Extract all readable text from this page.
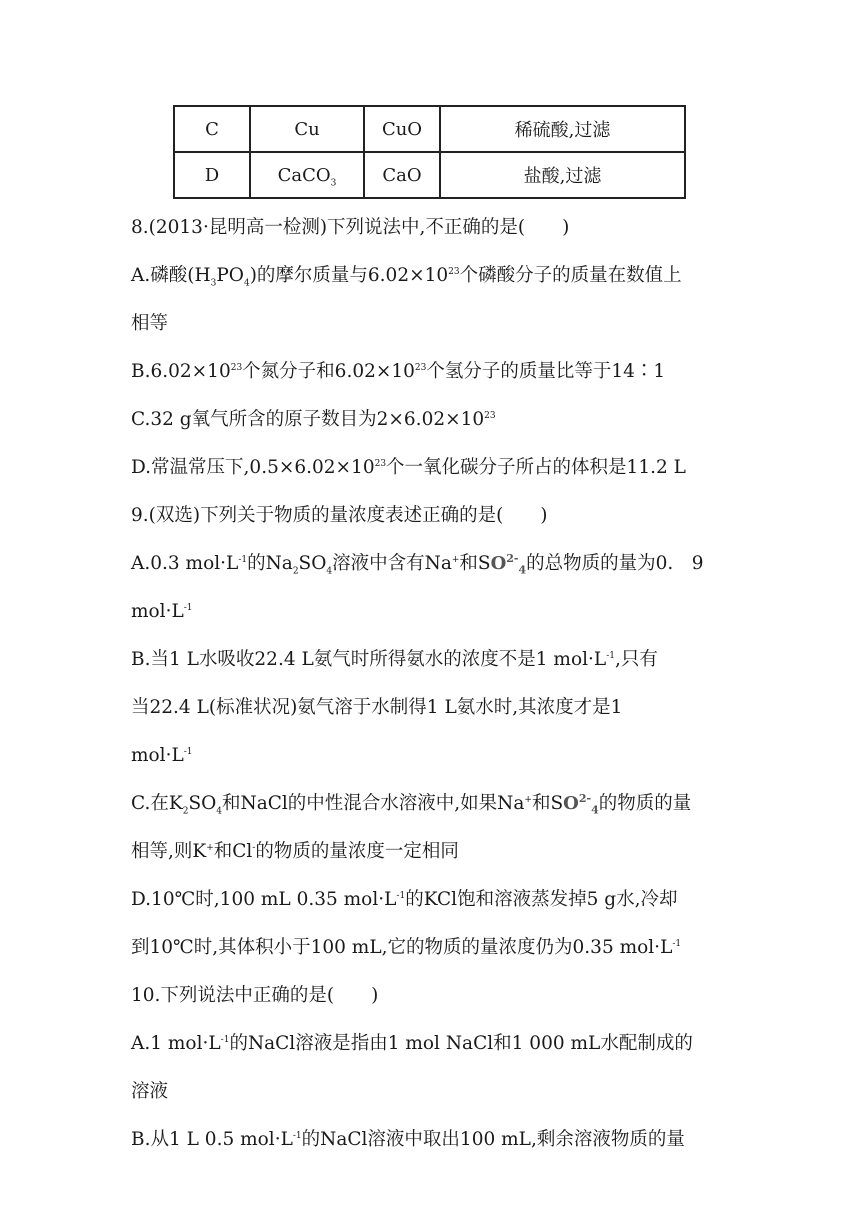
C	Cu	CuO	稀硫酸,过滤
D	CaCO$_3$	CaO	盐酸,过滤
8.(2013·昆明高一检测)下列说法中,不正确的是(　　)
A.磷酸$(H_3PO_4)$的摩尔质量与$6.02\times 10^{23}$个磷酸分子的质量在数值上
相等
$B.6.02\times 10^{23}$个氮分子和$6.02\times 10^{23}$个氢分子的质量比等于14∶1
C.32 g氧气所含的原子数目为$2\times 6.02\times 10^{23}$
D.常温常压下$,0.5\times 6.02\times 10^{23}$个一氧化碳分子所占的体积是11.2 L
9.(双选)下列关于物质的量浓度表述正确的是(　　)
A.0.3 $mol\cdot L^{-1}$的$Na_2SO_4$溶液中含有Na+和$SO^{2-}_4$的总物质的量为0.　9
$mol\cdot L^{-1}$
B.当1 L水吸收22.4 L氨气时所得氨水的浓度不是1 $mol\cdot L^{-1}$,只有
当22.4 L(标准状况)氨气溶于水制得1 L氨水时,其浓度才是1
$mol\cdot L^{-1}$
C.在$K_2SO_4$和NaCl的中性混合水溶液中,如果Na+和$SO^{2-}_4$的物质的量
相等,则K+和Cl-的物质的量浓度一定相同
D.10℃时,100 mL 0.35 $mol\cdot L^{-1}$的KCl饱和溶液蒸发掉5 g水,冷却
到10℃时,其体积小于100 mL,它的物质的量浓度仍为0.35 $mol\cdot L^{-1}$
10.下列说法中正确的是(　　)
A.1 $mol\cdot L^{-1}$的NaCl溶液是指由1 mol NaCl和1 000 mL水配制成的
溶液
B.从1 L 0.5 $mol\cdot L^{-1}$的NaCl溶液中取出100 mL,剩余溶液物质的量
